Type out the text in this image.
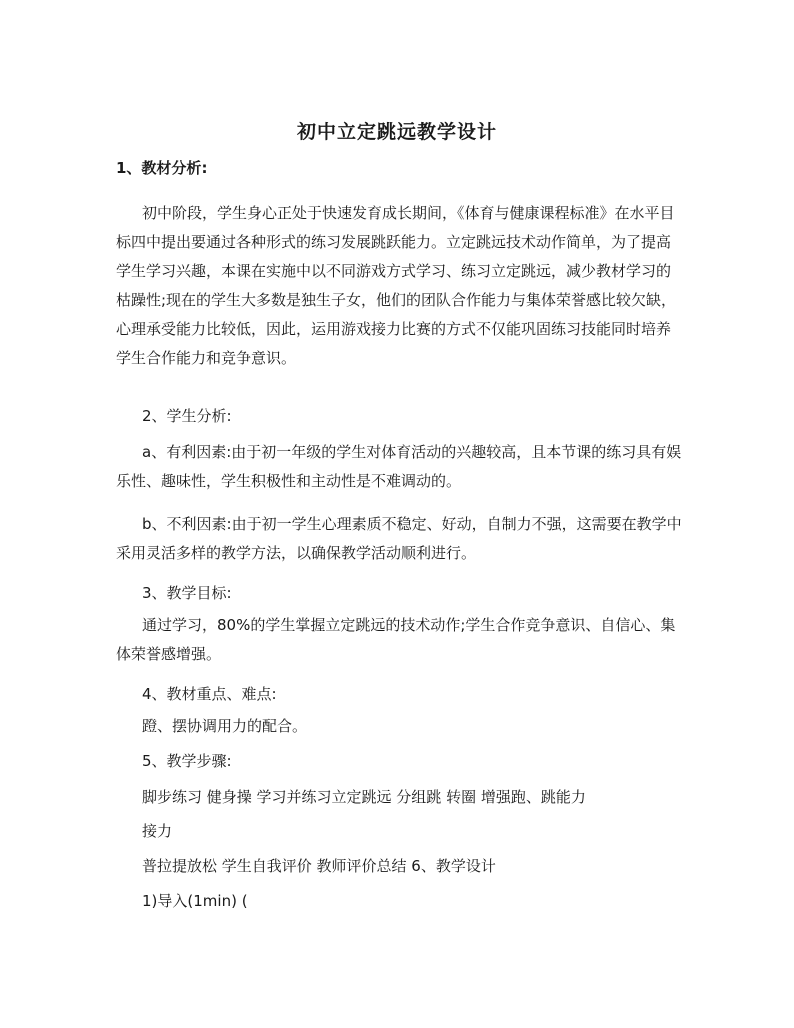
初中立定跳远教学设计
1、教材分析:

初中阶段，学生身心正处于快速发育成长期间，《体育与健康课程标准》在水平目标四中提出要通过各种形式的练习发展跳跃能力。立定跳远技术动作简单，为了提高学生学习兴趣，本课在实施中以不同游戏方式学习、练习立定跳远，减少教材学习的枯躁性;现在的学生大多数是独生子女，他们的团队合作能力与集体荣誉感比较欠缺，心理承受能力比较低，因此，运用游戏接力比赛的方式不仅能巩固练习技能同时培养学生合作能力和竞争意识。

2、学生分析:

a、有利因素:由于初一年级的学生对体育活动的兴趣较高，且本节课的练习具有娱乐性、趣味性，学生积极性和主动性是不难调动的。

b、不利因素:由于初一学生心理素质不稳定、好动，自制力不强，这需要在教学中采用灵活多样的教学方法，以确保教学活动顺利进行。

3、教学目标:

通过学习，80%的学生掌握立定跳远的技术动作;学生合作竞争意识、自信心、集体荣誉感增强。

4、教材重点、难点:
蹬、摆协调用力的配合。
5、教学步骤:
脚步练习 健身操 学习并练习立定跳远 分组跳 转圈 增强跑、跳能力
接力
普拉提放松 学生自我评价 教师评价总结 6、教学设计
1)导入(1min) (
